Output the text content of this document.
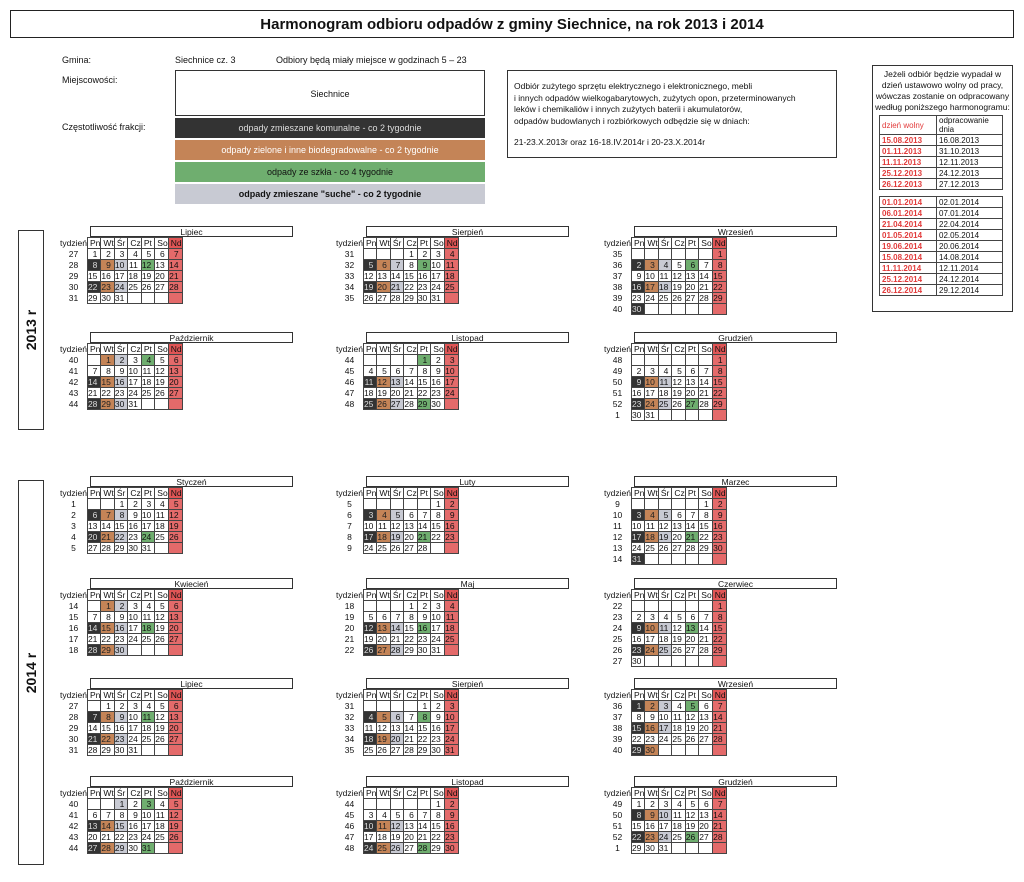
Harmonogram odbioru odpadów z gminy Siechnice, na rok 2013 i 2014
Gmina:	Siechnice cz. 3	Odbiory będą miały miejsce w godzinach 5 – 23
Miejscowości:
Siechnice
Częstotliwość frakcji:	odpady zmieszane komunalne - co 2 tygodnie
odpady zielone i inne biodegradowalne - co 2 tygodnie
odpady ze szkła - co 4 tygodnie
odpady zmieszane "suche" - co 2 tygodnie

Odbiór zużytego sprzętu elektrycznego i elektronicznego, mebli

i innych odpadów wielkogabarytowych, zużytych opon, przeterminowanych

leków i chemikaliów i innych zużytych baterii i akumulatorów,

odpadów budowlanych i rozbiórkowych odbędzie się w dniach:

21-23.X.2013r oraz 16-18.IV.2014r i 20-23.X.2014r

Jeżeli odbiór będzie wypadał w dzień ustawowo wolny od pracy, wówczas zostanie on odpracowany według poniższego harmonogramu:
dzień wolny	odpracowanie dnia
15.08.2013	16.08.2013
01.11.2013	31.10.2013
11.11.2013	12.11.2013
25.12.2013	24.12.2013
26.12.2013	27.12.2013

01.01.2014	02.01.2014
06.01.2014	07.01.2014
21.04.2014	22.04.2014
01.05.2014	02.05.2014
19.06.2014	20.06.2014
15.08.2014	14.08.2014
11.11.2014	12.11.2014
25.12.2014	24.12.2014
26.12.2014	29.12.2014
2013 r
2014 r
Lipiec
tydzień	Pn	Wt	Śr	Cz	Pt	So	Nd
27	1	2	3	4	5	6	7
28	8	9	10	11	12	13	14
29	15	16	17	18	19	20	21
30	22	23	24	25	26	27	28
31	29	30	31				
Sierpień
tydzień	Pn	Wt	Śr	Cz	Pt	So	Nd
31				1	2	3	4
32	5	6	7	8	9	10	11
33	12	13	14	15	16	17	18
34	19	20	21	22	23	24	25
35	26	27	28	29	30	31	
Wrzesień
tydzień	Pn	Wt	Śr	Cz	Pt	So	Nd
35							1
36	2	3	4	5	6	7	8
37	9	10	11	12	13	14	15
38	16	17	18	19	20	21	22
39	23	24	25	26	27	28	29
40	30						
Październik
tydzień	Pn	Wt	Śr	Cz	Pt	So	Nd
40		1	2	3	4	5	6
41	7	8	9	10	11	12	13
42	14	15	16	17	18	19	20
43	21	22	23	24	25	26	27
44	28	29	30	31			
Listopad
tydzień	Pn	Wt	Śr	Cz	Pt	So	Nd
44					1	2	3
45	4	5	6	7	8	9	10
46	11	12	13	14	15	16	17
47	18	19	20	21	22	23	24
48	25	26	27	28	29	30	
Grudzień
tydzień	Pn	Wt	Śr	Cz	Pt	So	Nd
48							1
49	2	3	4	5	6	7	8
50	9	10	11	12	13	14	15
51	16	17	18	19	20	21	22
52	23	24	25	26	27	28	29
1	30	31					
Styczeń
tydzień	Pn	Wt	Śr	Cz	Pt	So	Nd
1			1	2	3	4	5
2	6	7	8	9	10	11	12
3	13	14	15	16	17	18	19
4	20	21	22	23	24	25	26
5	27	28	29	30	31		
Luty
tydzień	Pn	Wt	Śr	Cz	Pt	So	Nd
5						1	2
6	3	4	5	6	7	8	9
7	10	11	12	13	14	15	16
8	17	18	19	20	21	22	23
9	24	25	26	27	28		
Marzec
tydzień	Pn	Wt	Śr	Cz	Pt	So	Nd
9						1	2
10	3	4	5	6	7	8	9
11	10	11	12	13	14	15	16
12	17	18	19	20	21	22	23
13	24	25	26	27	28	29	30
14	31						
Kwiecień
tydzień	Pn	Wt	Śr	Cz	Pt	So	Nd
14		1	2	3	4	5	6
15	7	8	9	10	11	12	13
16	14	15	16	17	18	19	20
17	21	22	23	24	25	26	27
18	28	29	30				
Maj
tydzień	Pn	Wt	Śr	Cz	Pt	So	Nd
18				1	2	3	4
19	5	6	7	8	9	10	11
20	12	13	14	15	16	17	18
21	19	20	21	22	23	24	25
22	26	27	28	29	30	31	
Czerwiec
tydzień	Pn	Wt	Śr	Cz	Pt	So	Nd
22							1
23	2	3	4	5	6	7	8
24	9	10	11	12	13	14	15
25	16	17	18	19	20	21	22
26	23	24	25	26	27	28	29
27	30						
Lipiec
tydzień	Pn	Wt	Śr	Cz	Pt	So	Nd
27		1	2	3	4	5	6
28	7	8	9	10	11	12	13
29	14	15	16	17	18	19	20
30	21	22	23	24	25	26	27
31	28	29	30	31			
Sierpień
tydzień	Pn	Wt	Śr	Cz	Pt	So	Nd
31					1	2	3
32	4	5	6	7	8	9	10
33	11	12	13	14	15	16	17
34	18	19	20	21	22	23	24
35	25	26	27	28	29	30	31
Wrzesień
tydzień	Pn	Wt	Śr	Cz	Pt	So	Nd
36	1	2	3	4	5	6	7
37	8	9	10	11	12	13	14
38	15	16	17	18	19	20	21
39	22	23	24	25	26	27	28
40	29	30					
Październik
tydzień	Pn	Wt	Śr	Cz	Pt	So	Nd
40			1	2	3	4	5
41	6	7	8	9	10	11	12
42	13	14	15	16	17	18	19
43	20	21	22	23	24	25	26
44	27	28	29	30	31		
Listopad
tydzień	Pn	Wt	Śr	Cz	Pt	So	Nd
44						1	2
45	3	4	5	6	7	8	9
46	10	11	12	13	14	15	16
47	17	18	19	20	21	22	23
48	24	25	26	27	28	29	30
Grudzień
tydzień	Pn	Wt	Śr	Cz	Pt	So	Nd
49	1	2	3	4	5	6	7
50	8	9	10	11	12	13	14
51	15	16	17	18	19	20	21
52	22	23	24	25	26	27	28
1	29	30	31				
